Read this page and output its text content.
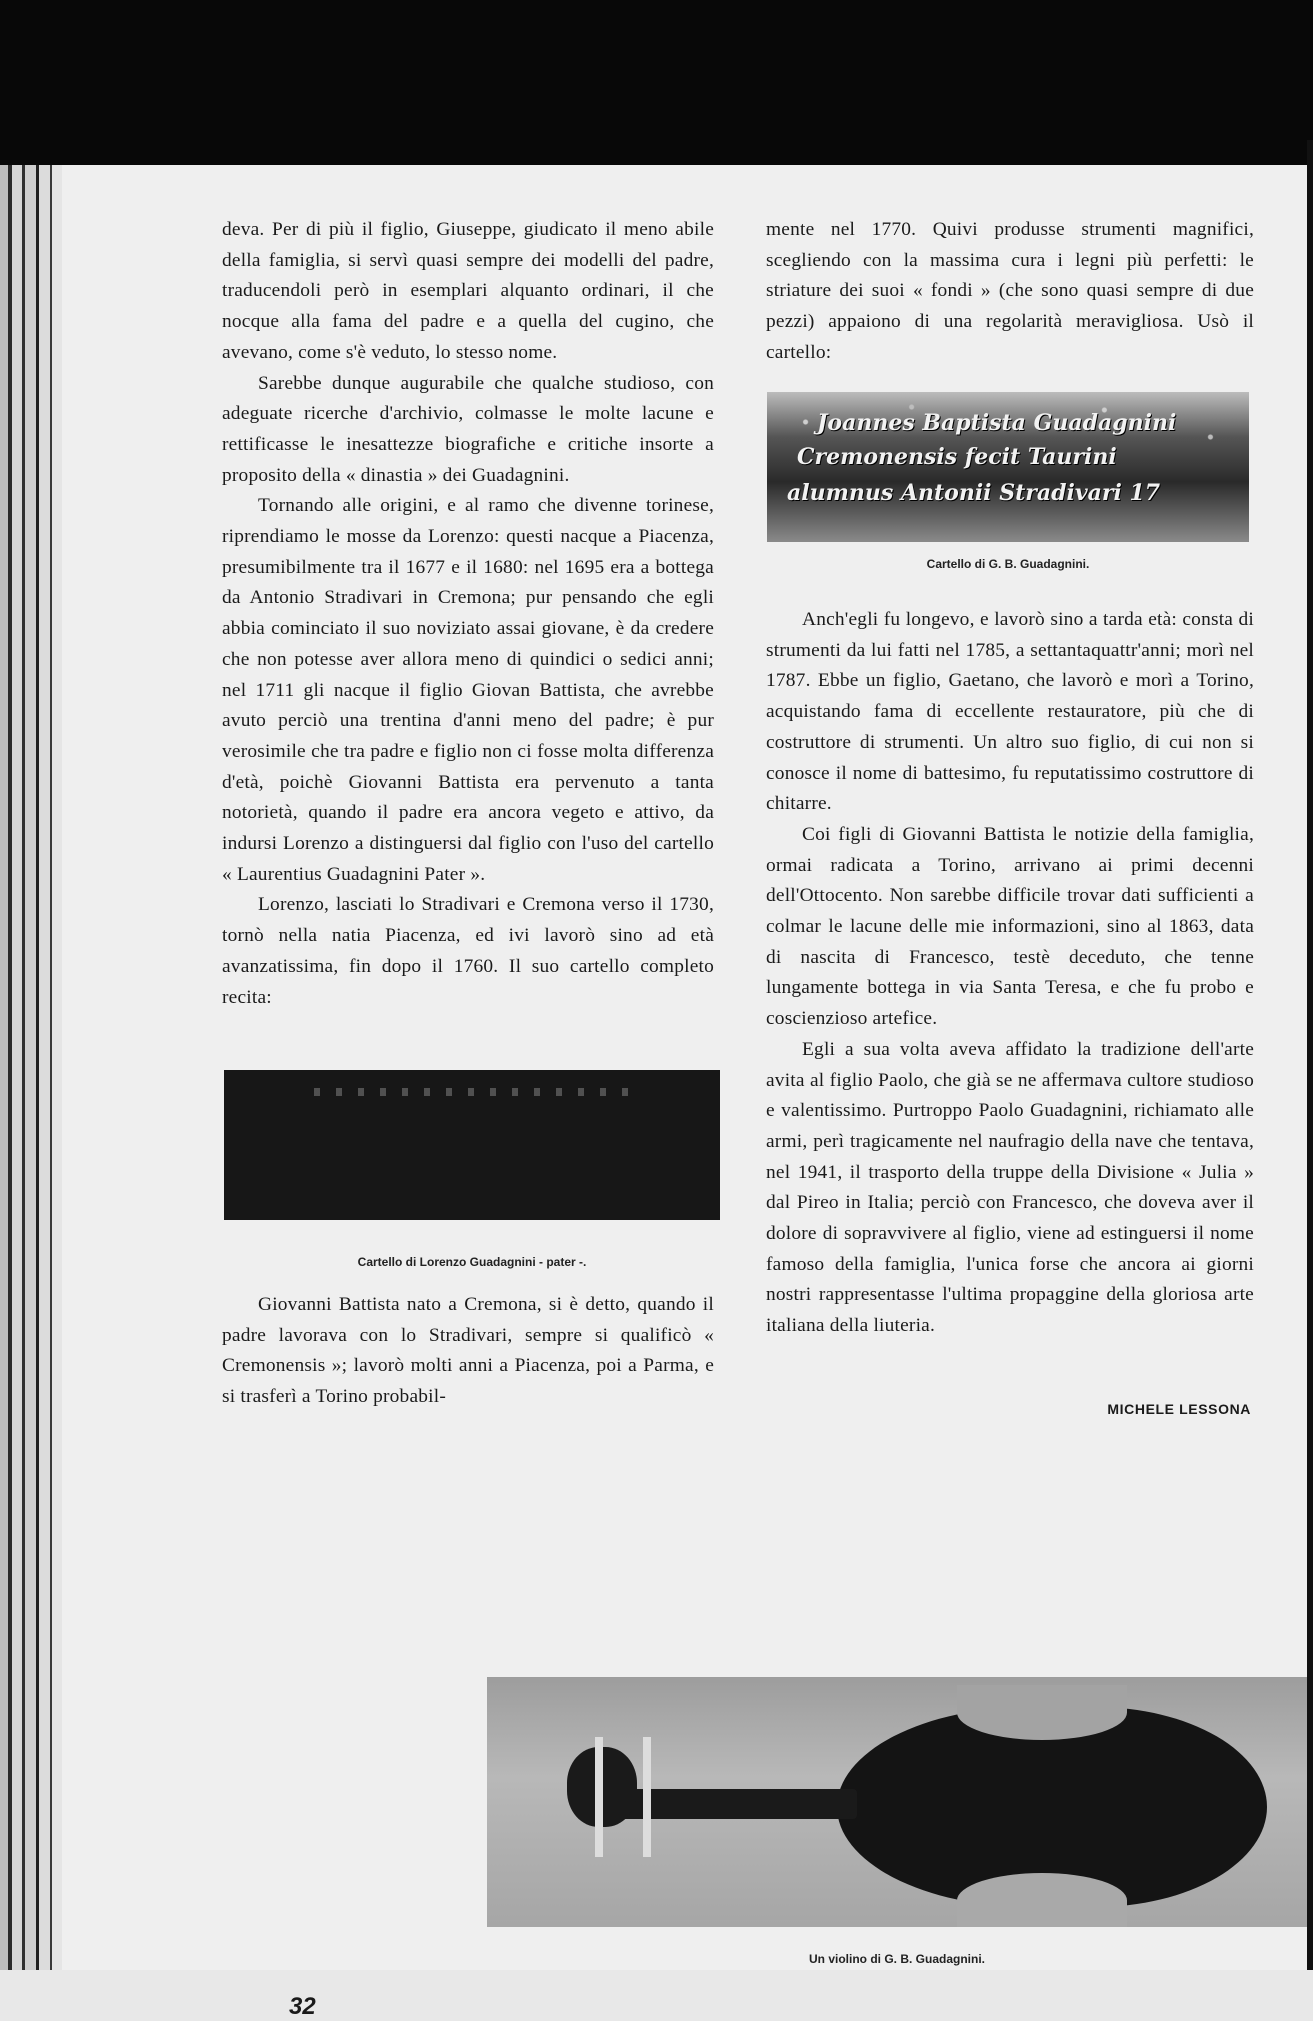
deva. Per di più il figlio, Giuseppe, giudicato il meno abile della famiglia, si servì quasi sempre dei modelli del padre, traducendoli però in esemplari alquanto ordinari, il che nocque alla fama del padre e a quella del cugino, che avevano, come s'è veduto, lo stesso nome.

Sarebbe dunque augurabile che qualche studioso, con adeguate ricerche d'archivio, colmasse le molte lacune e rettificasse le inesattezze biografiche e critiche insorte a proposito della « dinastia » dei Guadagnini.

Tornando alle origini, e al ramo che divenne torinese, riprendiamo le mosse da Lorenzo: questi nacque a Piacenza, presumibilmente tra il 1677 e il 1680: nel 1695 era a bottega da Antonio Stradivari in Cremona; pur pensando che egli abbia cominciato il suo noviziato assai giovane, è da credere che non potesse aver allora meno di quindici o sedici anni; nel 1711 gli nacque il figlio Giovan Battista, che avrebbe avuto perciò una trentina d'anni meno del padre; è pur verosimile che tra padre e figlio non ci fosse molta differenza d'età, poichè Giovanni Battista era pervenuto a tanta notorietà, quando il padre era ancora vegeto e attivo, da indursi Lorenzo a distinguersi dal figlio con l'uso del cartello « Laurentius Guadagnini Pater ».

Lorenzo, lasciati lo Stradivari e Cremona verso il 1730, tornò nella natia Piacenza, ed ivi lavorò sino ad età avanzatissima, fin dopo il 1760. Il suo cartello completo recita:

Cartello di Lorenzo Guadagnini - pater -.

Giovanni Battista nato a Cremona, si è detto, quando il padre lavorava con lo Stradivari, sempre si qualificò « Cremonensis »; lavorò molti anni a Piacenza, poi a Parma, e si trasferì a Torino probabil-

mente nel 1770. Quivi produsse strumenti magnifici, scegliendo con la massima cura i legni più perfetti: le striature dei suoi « fondi » (che sono quasi sempre di due pezzi) appaiono di una regolarità meravigliosa. Usò il cartello:

Joannes Baptista Guadagnini
Cremonensis fecit Taurini
alumnus Antonii Stradivari 17
Cartello di G. B. Guadagnini.

Anch'egli fu longevo, e lavorò sino a tarda età: consta di strumenti da lui fatti nel 1785, a settantaquattr'anni; morì nel 1787. Ebbe un figlio, Gaetano, che lavorò e morì a Torino, acquistando fama di eccellente restauratore, più che di costruttore di strumenti. Un altro suo figlio, di cui non si conosce il nome di battesimo, fu reputatissimo costruttore di chitarre.

Coi figli di Giovanni Battista le notizie della famiglia, ormai radicata a Torino, arrivano ai primi decenni dell'Ottocento. Non sarebbe difficile trovar dati sufficienti a colmar le lacune delle mie informazioni, sino al 1863, data di nascita di Francesco, testè deceduto, che tenne lungamente bottega in via Santa Teresa, e che fu probo e coscienzioso artefice.

Egli a sua volta aveva affidato la tradizione dell'arte avita al figlio Paolo, che già se ne affermava cultore studioso e valentissimo. Purtroppo Paolo Guadagnini, richiamato alle armi, perì tragicamente nel naufragio della nave che tentava, nel 1941, il trasporto della truppe della Divisione « Julia » dal Pireo in Italia; perciò con Francesco, che doveva aver il dolore di sopravvivere al figlio, viene ad estinguersi il nome famoso della famiglia, l'unica forse che ancora ai giorni nostri rappresentasse l'ultima propaggine della gloriosa arte italiana della liuteria.

MICHELE LESSONA
Un violino di G. B. Guadagnini.
32
